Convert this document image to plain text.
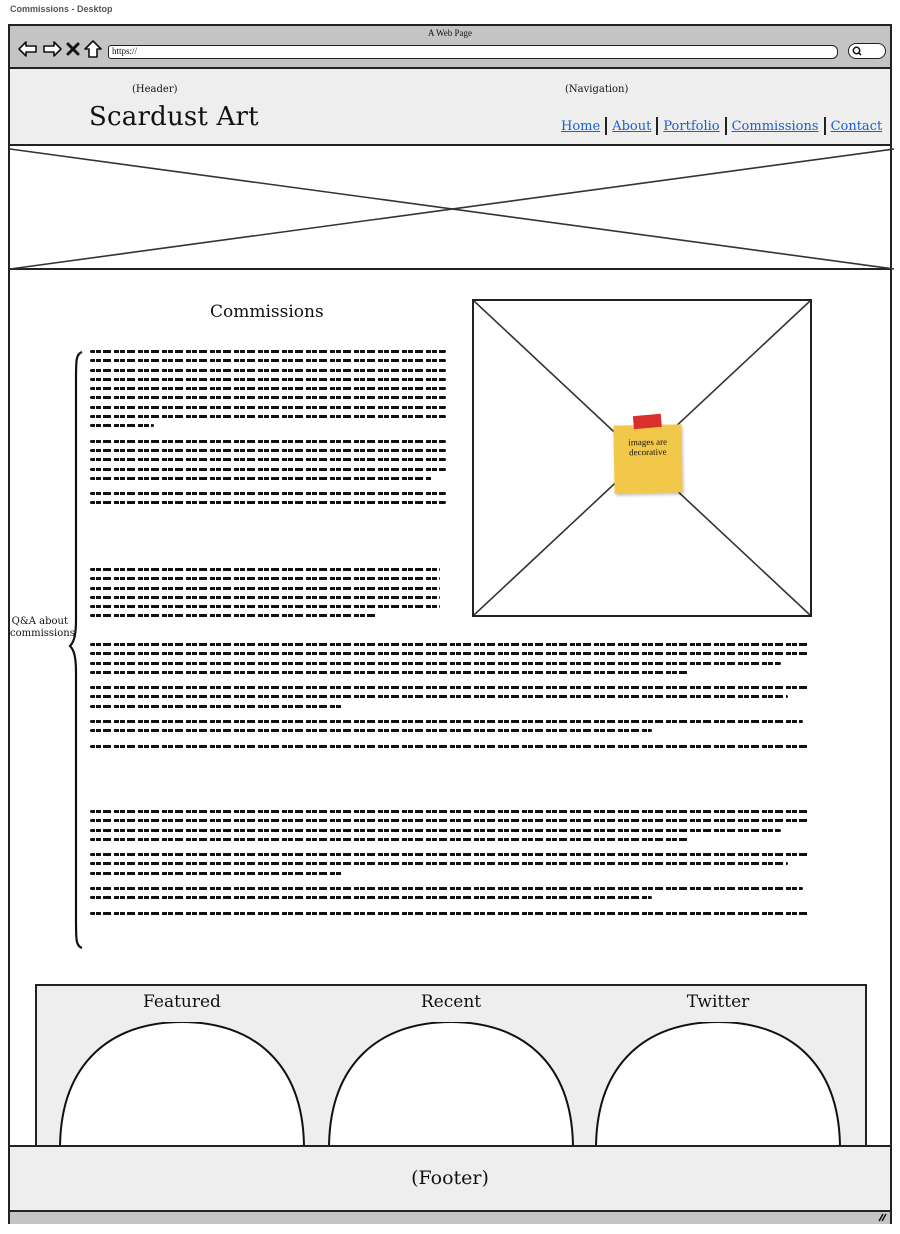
Commissions - Desktop
A Web Page
https://
(Header)
Scardust Art
(Navigation)
Home About Portfolio Commissions Contact
Commissions
images are decorative
Q&A about commissions
Featured	Recent	Twitter
(Footer)
